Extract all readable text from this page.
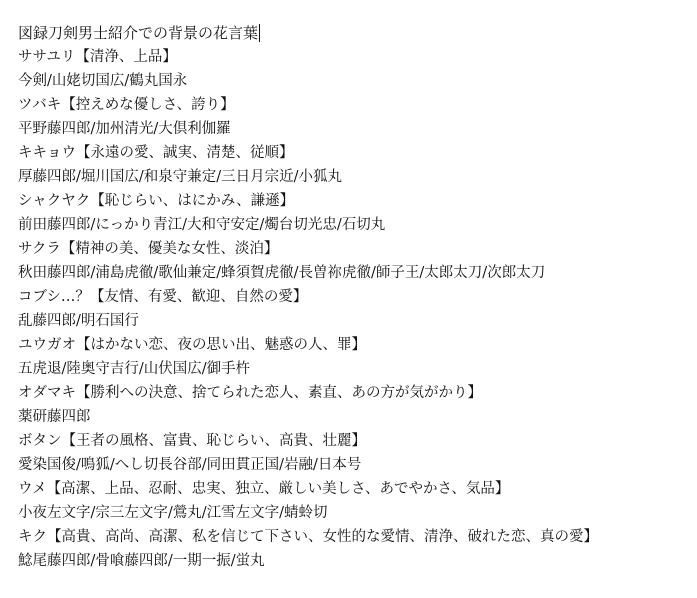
図録刀剣男士紹介での背景の花言葉
ササユリ【清浄、上品】
今剣/山姥切国広/鶴丸国永
ツバキ【控えめな優しさ、誇り】
平野藤四郎/加州清光/大倶利伽羅
キキョウ【永遠の愛、誠実、清楚、従順】
厚藤四郎/堀川国広/和泉守兼定/三日月宗近/小狐丸
シャクヤク【恥じらい、はにかみ、謙遜】
前田藤四郎/にっかり青江/大和守安定/燭台切光忠/石切丸
サクラ【精神の美、優美な女性、淡泊】
秋田藤四郎/浦島虎徹/歌仙兼定/蜂須賀虎徹/長曽祢虎徹/師子王/太郎太刀/次郎太刀
コブシ…？【友情、有愛、歓迎、自然の愛】
乱藤四郎/明石国行
ユウガオ【はかない恋、夜の思い出、魅惑の人、罪】
五虎退/陸奥守吉行/山伏国広/御手杵
オダマキ【勝利への決意、捨てられた恋人、素直、あの方が気がかり】
薬研藤四郎
ボタン【王者の風格、富貴、恥じらい、高貴、壮麗】
愛染国俊/鳴狐/へし切長谷部/同田貫正国/岩融/日本号
ウメ【高潔、上品、忍耐、忠実、独立、厳しい美しさ、あでやかさ、気品】
小夜左文字/宗三左文字/鶯丸/江雪左文字/蜻蛉切
キク【高貴、高尚、高潔、私を信じて下さい、女性的な愛情、清浄、破れた恋、真の愛】
鯰尾藤四郎/骨喰藤四郎/一期一振/蛍丸
